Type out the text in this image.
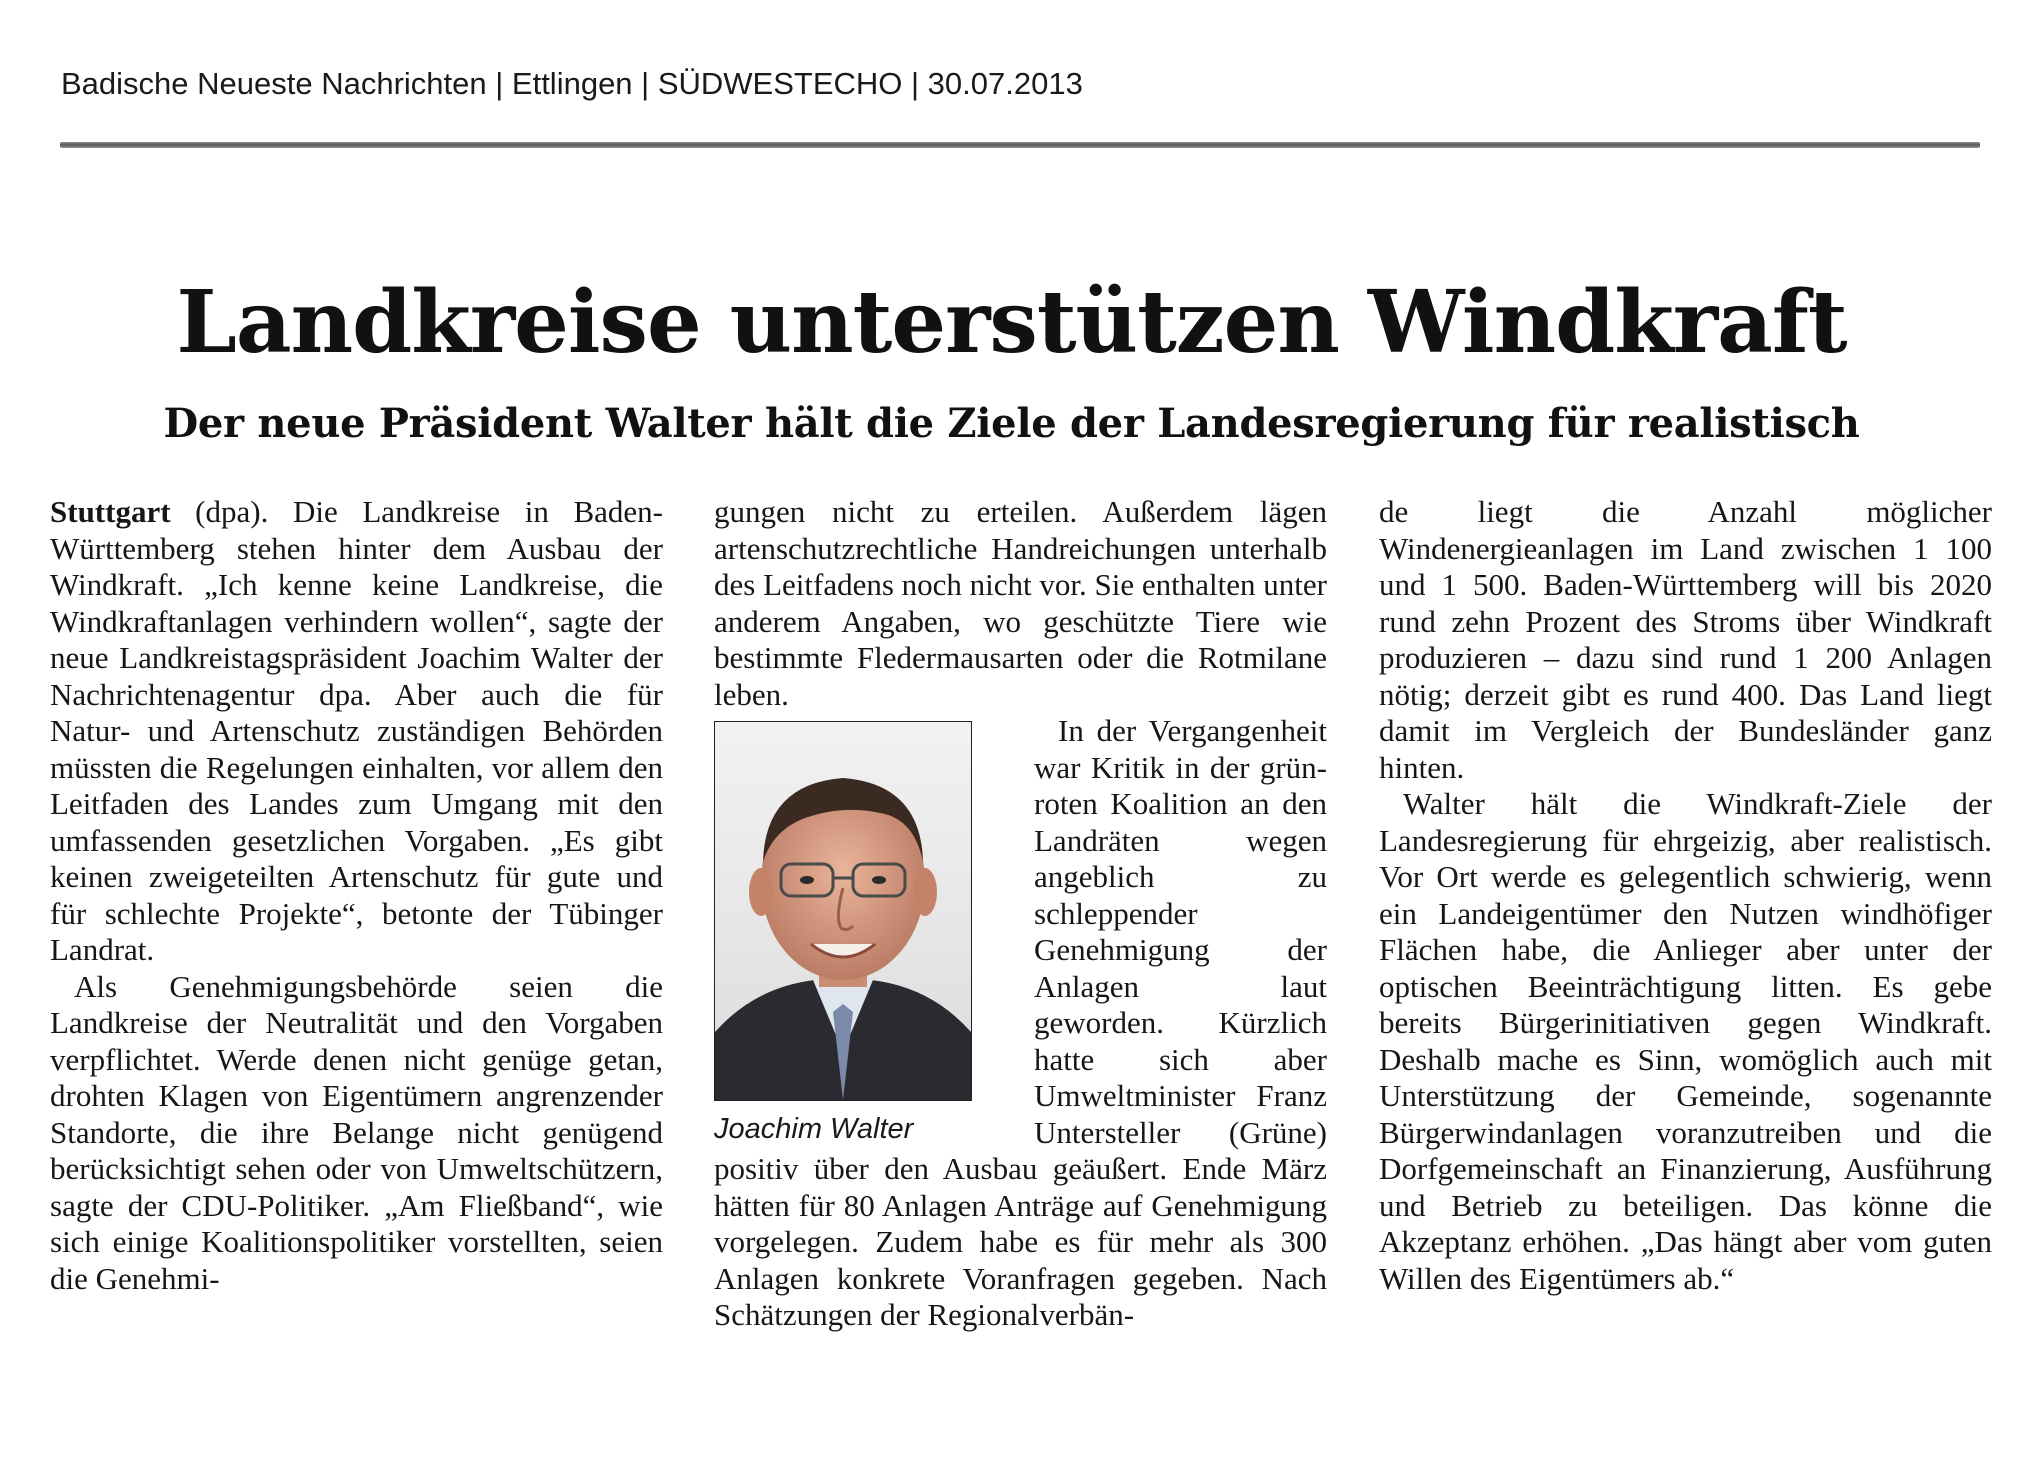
Badische Neueste Nachrichten | Ettlingen | SÜDWESTECHO | 30.07.2013
Landkreise unterstützen Windkraft
Der neue Präsident Walter hält die Ziele der Landesregierung für realistisch

Stuttgart (dpa). Die Landkreise in Baden-Württemberg stehen hinter dem Ausbau der Windkraft. „Ich kenne keine Landkreise, die Windkraftanlagen verhindern wollen“, sagte der neue Landkreistagspräsident Joachim Walter der Nachrichtenagentur dpa. Aber auch die für Natur- und Artenschutz zuständigen Behörden müssten die Regelungen einhalten, vor allem den Leitfaden des Landes zum Umgang mit den umfassenden gesetzlichen Vorgaben. „Es gibt keinen zweigeteilten Artenschutz für gute und für schlechte Projekte“, betonte der Tübinger Landrat.

Als Genehmigungsbehörde seien die Landkreise der Neutralität und den Vorgaben verpflichtet. Werde denen nicht genüge getan, drohten Klagen von Eigentümern angrenzender Standorte, die ihre Belange nicht genügend berücksichtigt sehen oder von Umweltschützern, sagte der CDU-Politiker. „Am Fließband“, wie sich einige Koalitionspolitiker vorstellten, seien die Genehmi-

gungen nicht zu erteilen. Außerdem lägen artenschutzrechtliche Handreichungen unterhalb des Leitfadens noch nicht vor. Sie enthalten unter anderem Angaben, wo geschützte Tiere wie bestimmte Fledermausarten oder die Rotmilane leben.

Joachim Walter

In der Vergangenheit war Kritik in der grün-roten Koalition an den Landräten wegen angeblich zu schleppender Genehmigung der Anlagen laut geworden. Kürzlich hatte sich aber Umweltminister Franz Untersteller (Grüne) positiv über den Ausbau geäußert. Ende März hätten für 80 Anlagen Anträge auf Genehmigung vorgelegen. Zudem habe es für mehr als 300 Anlagen konkrete Voranfragen gegeben. Nach Schätzungen der Regionalverbän-

de liegt die Anzahl möglicher Windenergieanlagen im Land zwischen 1 100 und 1 500. Baden-Württemberg will bis 2020 rund zehn Prozent des Stroms über Windkraft produzieren – dazu sind rund 1 200 Anlagen nötig; derzeit gibt es rund 400. Das Land liegt damit im Vergleich der Bundesländer ganz hinten.

Walter hält die Windkraft-Ziele der Landesregierung für ehrgeizig, aber realistisch. Vor Ort werde es gelegentlich schwierig, wenn ein Landeigentümer den Nutzen windhöfiger Flächen habe, die Anlieger aber unter der optischen Beeinträchtigung litten. Es gebe bereits Bürgerinitiativen gegen Windkraft. Deshalb mache es Sinn, womöglich auch mit Unterstützung der Gemeinde, sogenannte Bürgerwindanlagen voranzutreiben und die Dorfgemeinschaft an Finanzierung, Ausführung und Betrieb zu beteiligen. Das könne die Akzeptanz erhöhen. „Das hängt aber vom guten Willen des Eigentümers ab.“
